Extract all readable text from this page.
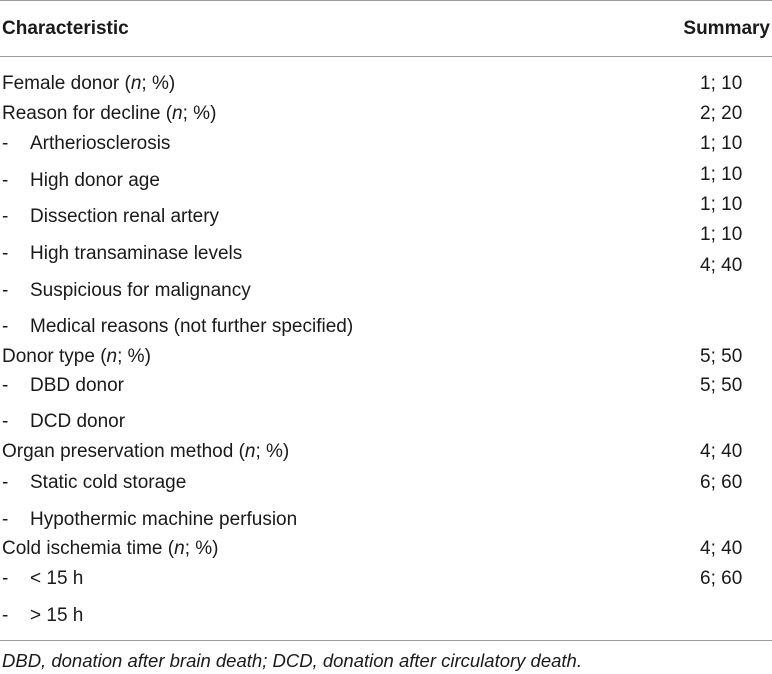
Characteristic	Summary
Female donor (n; %)
Reason for decline (n; %)
- Artheriosclerosis
- High donor age
- Dissection renal artery
- High transaminase levels
- Suspicious for malignancy
- Medical reasons (not further specified)
Donor type (n; %)
- DBD donor
- DCD donor
Organ preservation method (n; %)
- Static cold storage
- Hypothermic machine perfusion
Cold ischemia time (n; %)
- < 15 h
- > 15 h
1; 10
2; 20
1; 10
1; 10
1; 10
1; 10
4; 40
5; 50
5; 50
4; 40
6; 60
4; 40
6; 60
DBD, donation after brain death; DCD, donation after circulatory death.
